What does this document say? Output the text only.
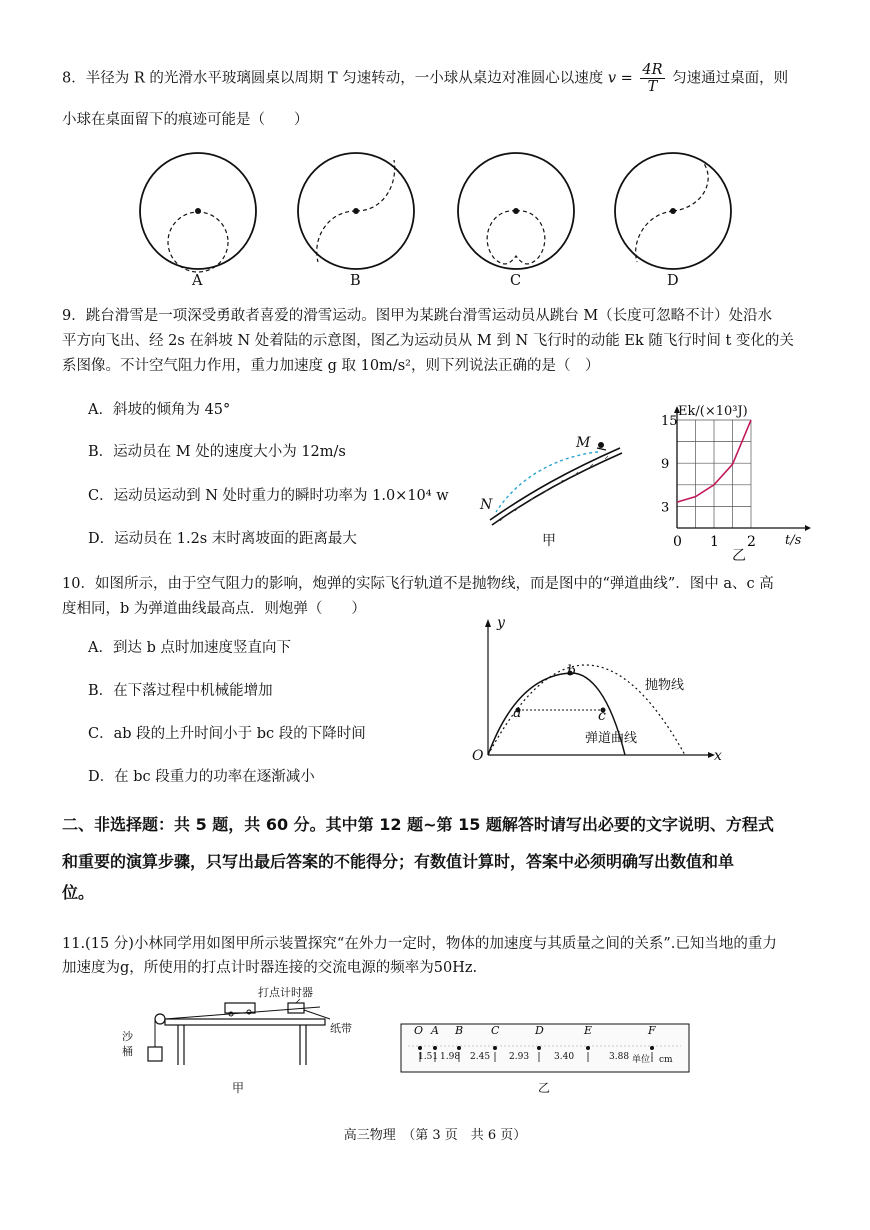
8．半径为 R 的光滑水平玻璃圆桌以周期 T 匀速转动，一小球从桌边对准圆心以速度 $v = \frac{4R}{T}$ 匀速通过桌面，则
小球在桌面留下的痕迹可能是（　　）
A	B	C	D
9．跳台滑雪是一项深受勇敢者喜爱的滑雪运动。图甲为某跳台滑雪运动员从跳台 M（长度可忽略不计）处沿水
平方向飞出、经 2s 在斜坡 N 处着陆的示意图，图乙为运动员从 M 到 N 飞行时的动能 Ek 随飞行时间 t 变化的关
系图像。不计空气阻力作用，重力加速度 g 取 10m/s²，则下列说法正确的是（　）
A．斜坡的倾角为 45°
B．运动员在 M 处的速度大小为 12m/s
C．运动员运动到 N 处时重力的瞬时功率为 1.0×10⁴ w
D．运动员在 1.2s 末时离坡面的距离最大
M
N
甲	0 1 2
3
9
15
Ek/(×10³J)
t/s
乙
10．如图所示，由于空气阻力的影响，炮弹的实际飞行轨道不是抛物线，而是图中的“弹道曲线”．图中 a、c 高
度相同，b 为弹道曲线最高点．则炮弹（　　）
A．到达 b 点时加速度竖直向下
B．在下落过程中机械能增加
C．ab 段的上升时间小于 bc 段的下降时间
D．在 bc 段重力的功率在逐渐减小
y
x
O
a
b
c
抛物线
弹道曲线
二、非选择题：共 5 题，共 60 分。其中第 12 题~第 15 题解答时请写出必要的文字说明、方程式
和重要的演算步骤，只写出最后答案的不能得分；有数值计算时，答案中必须明确写出数值和单
位。
11.(15 分)小林同学用如图甲所示装置探究“在外力一定时，物体的加速度与其质量之间的关系”.已知当地的重力
加速度为g，所使用的打点计时器连接的交流电源的频率为50Hz.
打点计时器
纸带
沙
桶
甲
O A B	C	D	E	F
1.51 1.98 2.45 2.93	3.40	3.88 单位：cm
乙
高三物理　（第 3 页　共 6 页）
